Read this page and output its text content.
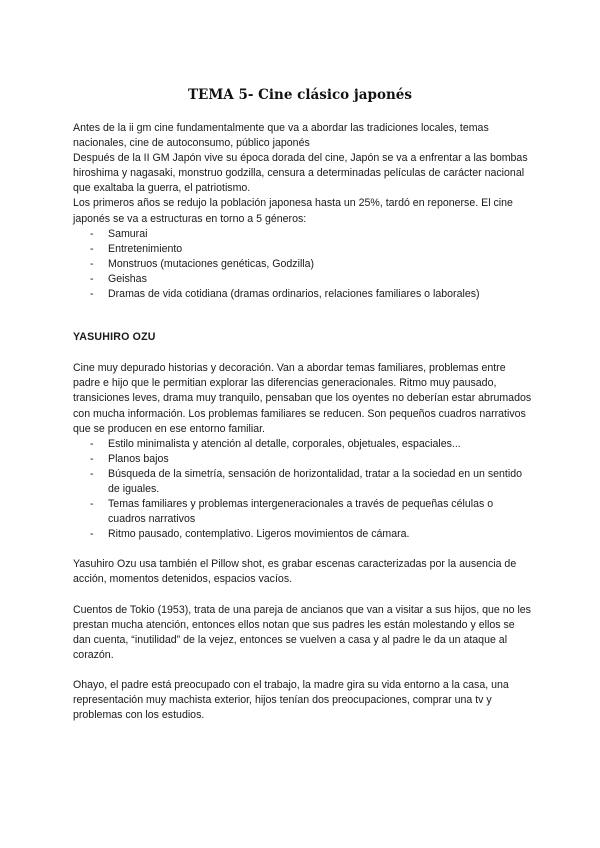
TEMA 5- Cine clásico japonés

Antes de la ii gm cine fundamentalmente que va a abordar las tradiciones locales, temas nacionales, cine de autoconsumo, público japonés

Después de la II GM Japón vive su época dorada del cine, Japón se va a enfrentar a las bombas hiroshima y nagasaki, monstruo godzilla, censura a determinadas películas de carácter nacional que exaltaba la guerra, el patriotismo.

Los primeros años se redujo la población japonesa hasta un 25%, tardó en reponerse. El cine japonés se va a estructuras en torno a 5 géneros:

- Samurai
- Entretenimiento
- Monstruos (mutaciones genéticas, Godzilla)
- Geishas
- Dramas de vida cotidiana (dramas ordinarios, relaciones familiares o laborales)

YASUHIRO OZU

Cine muy depurado historias y decoración. Van a abordar temas familiares, problemas entre padre e hijo que le permitian explorar las diferencias generacionales. Ritmo muy pausado, transiciones leves, drama muy tranquilo, pensaban que los oyentes no deberían estar abrumados con mucha información. Los problemas familiares se reducen. Son pequeños cuadros narrativos que se producen en ese entorno familiar.

- Estilo minimalista y atención al detalle, corporales, objetuales, espaciales...
- Planos bajos
- Búsqueda de la simetría, sensación de horizontalidad, tratar a la sociedad en un sentido de iguales.
- Temas familiares y problemas intergeneracionales a través de pequeñas células o cuadros narrativos
- Ritmo pausado, contemplativo. Ligeros movimientos de cámara.

Yasuhiro Ozu usa también el Pillow shot, es grabar escenas caracterizadas por la ausencia de acción, momentos detenidos, espacios vacíos.

Cuentos de Tokio (1953), trata de una pareja de ancianos que van a visitar a sus hijos, que no les prestan mucha atención, entonces ellos notan que sus padres les están molestando y ellos se dan cuenta, “inutilidad” de la vejez, entonces se vuelven a casa y al padre le da un ataque al corazón.

Ohayo, el padre está preocupado con el trabajo, la madre gira su vida entorno a la casa, una representación muy machista exterior, hijos tenían dos preocupaciones, comprar una tv y problemas con los estudios.
